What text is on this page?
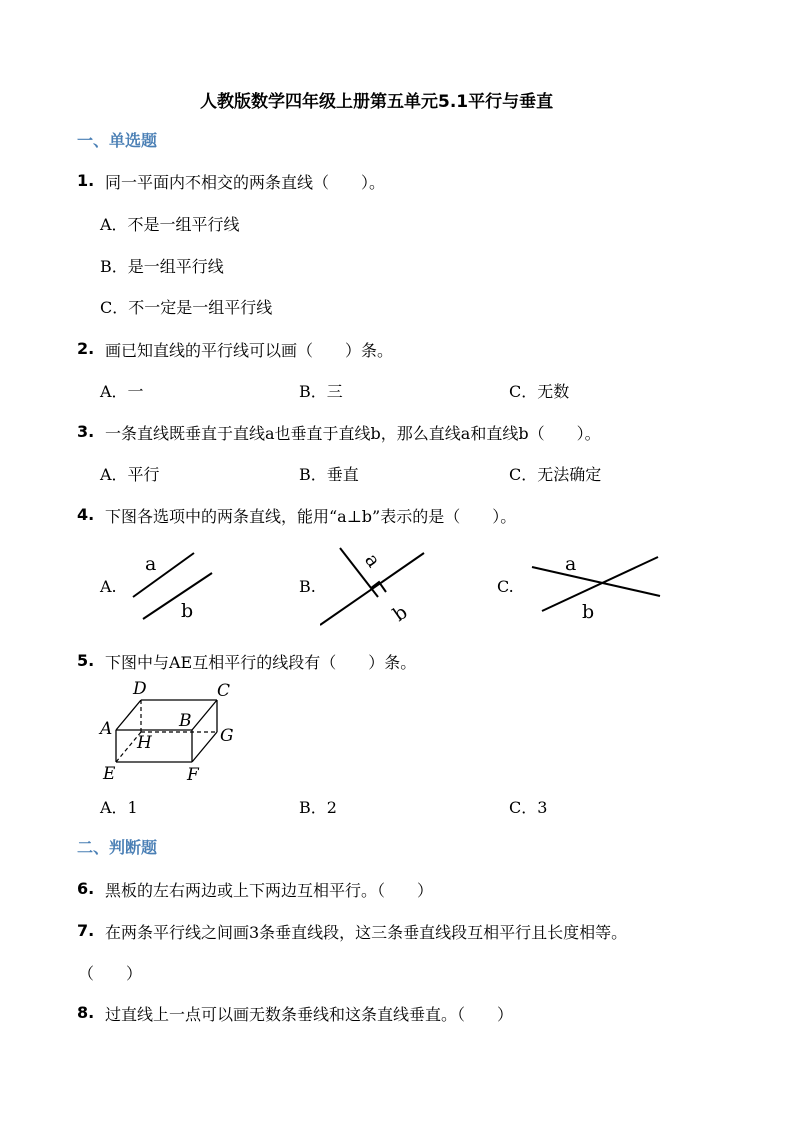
人教版数学四年级上册第五单元5.1平行与垂直
一、单选题
1. 同一平面内不相交的两条直线（　　）。
A．不是一组平行线
B．是一组平行线
C．不一定是一组平行线
2. 画已知直线的平行线可以画（　　）条。
A．一	B．三	C．无数
3. 一条直线既垂直于直线a也垂直于直线b，那么直线a和直线b（　　）。
A．平行	B．垂直	C．无法确定
4. 下图各选项中的两条直线，能用“a⊥b”表示的是（　　）。
A.	B.	C.
a
b
a
b
a
b
5. 下图中与AE互相平行的线段有（　　）条。
D	C
A	B
G
H
E	F
A．1	B．2	C．3
二、判断题
6. 黑板的左右两边或上下两边互相平行。（　　）
7. 在两条平行线之间画3条垂直线段，这三条垂直线段互相平行且长度相等。
（　　）
8. 过直线上一点可以画无数条垂线和这条直线垂直。（　　）
